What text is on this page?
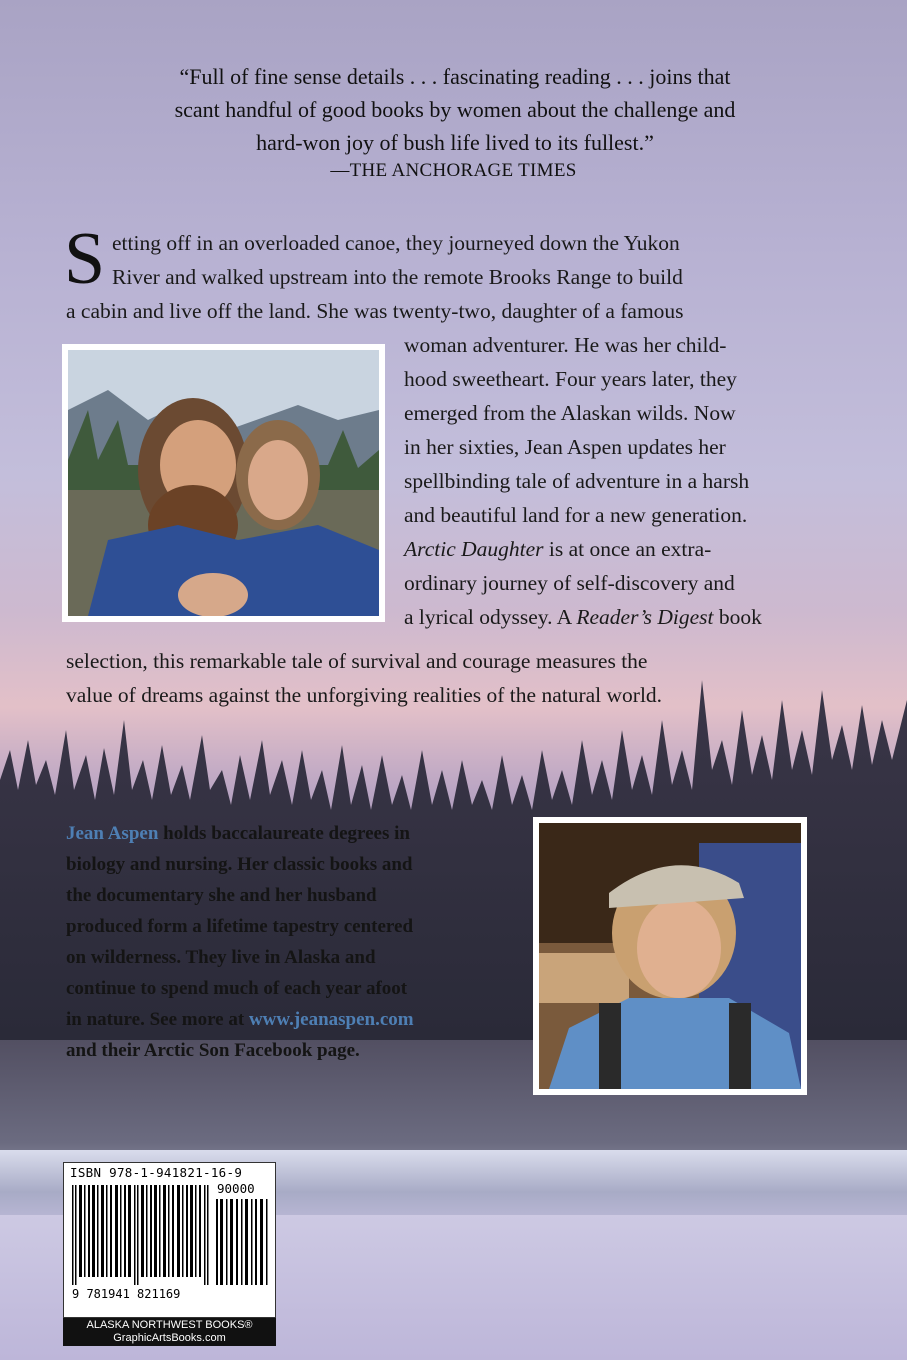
“Full of fine sense details . . . fascinating reading . . . joins that
scant handful of good books by women about the challenge and
hard-won joy of bush life lived to its fullest.”
—THE ANCHORAGE TIMES
S etting off in an overloaded canoe, they journeyed down the Yukon
River and walked upstream into the remote Brooks Range to build
a cabin and live off the land. She was twenty-two, daughter of a famous
woman adventurer. He was her child-
hood sweetheart. Four years later, they
emerged from the Alaskan wilds. Now
in her sixties, Jean Aspen updates her
spellbinding tale of adventure in a harsh
and beautiful land for a new generation.
Arctic Daughter is at once an extra-
ordinary journey of self-discovery and
a lyrical odyssey. A Reader’s Digest book
selection, this remarkable tale of survival and courage measures the
value of dreams against the unforgiving realities of the natural world.
Jean Aspen holds baccalaureate degrees in
biology and nursing. Her classic books and
the documentary she and her husband
produced form a lifetime tapestry centered
on wilderness. They live in Alaska and
continue to spend much of each year afoot
in nature. See more at www.jeanaspen.com
and their Arctic Son Facebook page.
ISBN 978-1-941821-16-9
90000
9 781941 821169
ALASKA NORTHWEST BOOKS®
GraphicArtsBooks.com
